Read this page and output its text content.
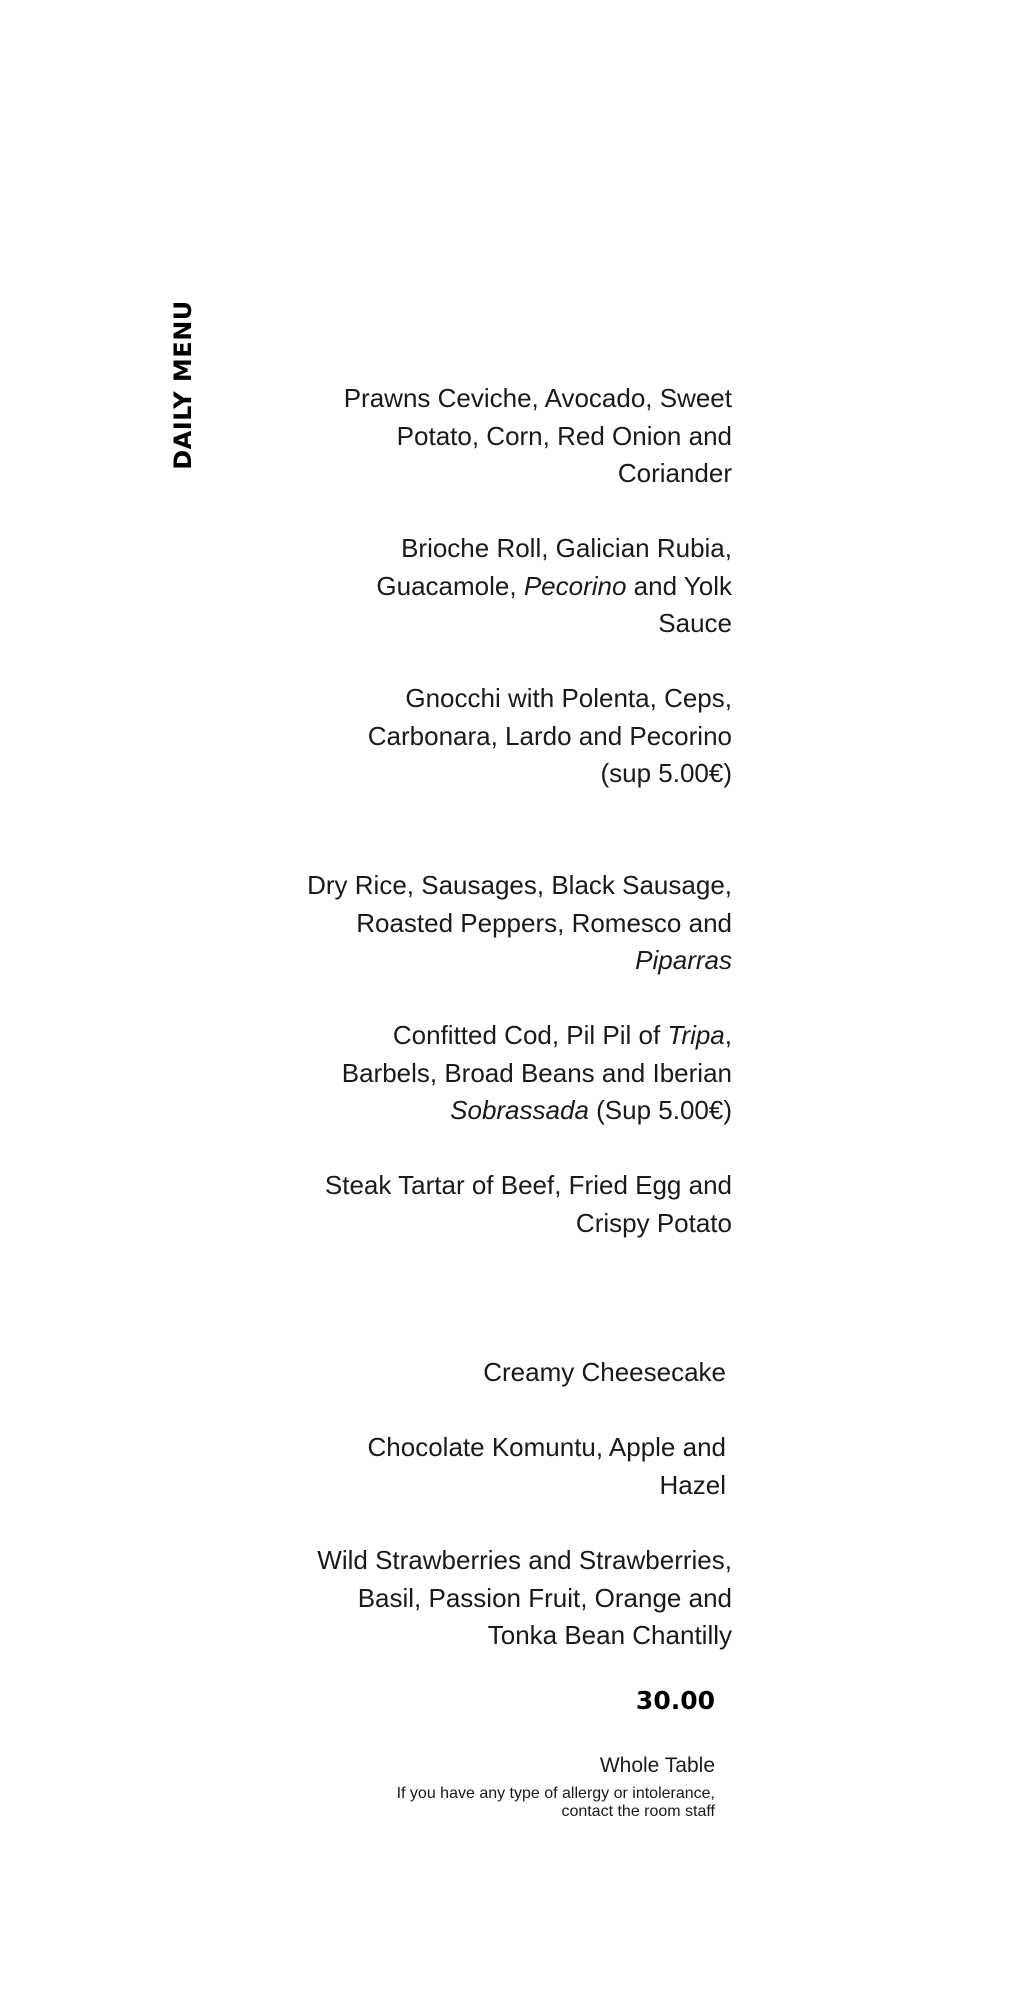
DAILY MENU	Prawns Ceviche, Avocado, Sweet
Potato, Corn, Red Onion and
Coriander
Brioche Roll, Galician Rubia,
Guacamole, Pecorino and Yolk
Sauce
Gnocchi with Polenta, Ceps,
Carbonara, Lardo and Pecorino
(sup 5.00€)
Dry Rice, Sausages, Black Sausage,
Roasted Peppers, Romesco and
Piparras
Confitted Cod, Pil Pil of Tripa,
Barbels, Broad Beans and Iberian
Sobrassada (Sup 5.00€)
Steak Tartar of Beef, Fried Egg and
Crispy Potato
Creamy Cheesecake
Chocolate Komuntu, Apple and
Hazel
Wild Strawberries and Strawberries,
Basil, Passion Fruit, Orange and
Tonka Bean Chantilly
30.00
Whole Table
If you have any type of allergy or intolerance,
contact the room staff
